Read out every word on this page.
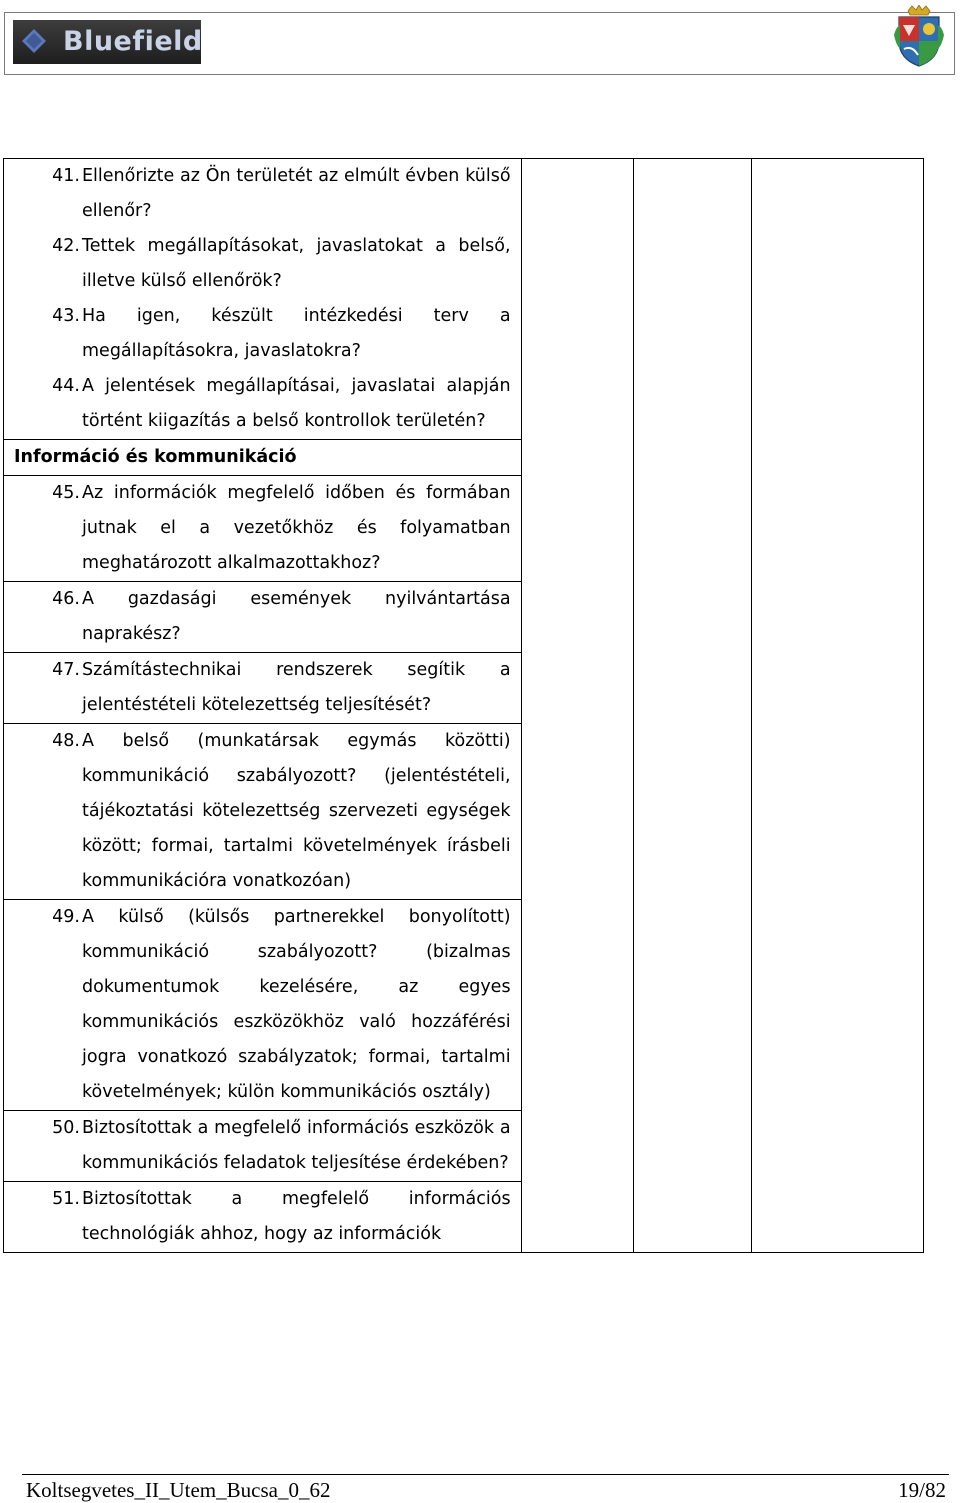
Bluefield
41. Ellenőrizte az Ön területét az elmúlt évben külső ellenőr?
42. Tettek megállapításokat, javaslatokat a belső, illetve külső ellenőrök?
43. Ha igen, készült intézkedési terv a megállapításokra, javaslatokra?
44. A jelentések megállapításai, javaslatai alapján történt kiigazítás a belső kontrollok területén?
Információ és kommunikáció
45. Az információk megfelelő időben és formában jutnak el a vezetőkhöz és folyamatban meghatározott alkalmazottakhoz?
46. A gazdasági események nyilvántartása naprakész?
47. Számítástechnikai rendszerek segítik a jelentéstételi kötelezettség teljesítését?
48. A belső (munkatársak egymás közötti) kommunikáció szabályozott? (jelentéstételi, tájékoztatási kötelezettség szervezeti egységek között; formai, tartalmi követelmények írásbeli kommunikációra vonatkozóan)
49. A külső (külsős partnerekkel bonyolított) kommunikáció szabályozott? (bizalmas dokumentumok kezelésére, az egyes kommunikációs eszközökhöz való hozzáférési jogra vonatkozó szabályzatok; formai, tartalmi követelmények; külön kommunikációs osztály)
50. Biztosítottak a megfelelő információs eszközök a kommunikációs feladatok teljesítése érdekében?
51. Biztosítottak a megfelelő információs technológiák ahhoz, hogy az információk

Koltsegvetes_II_Utem_Bucsa_0_62	19/82
